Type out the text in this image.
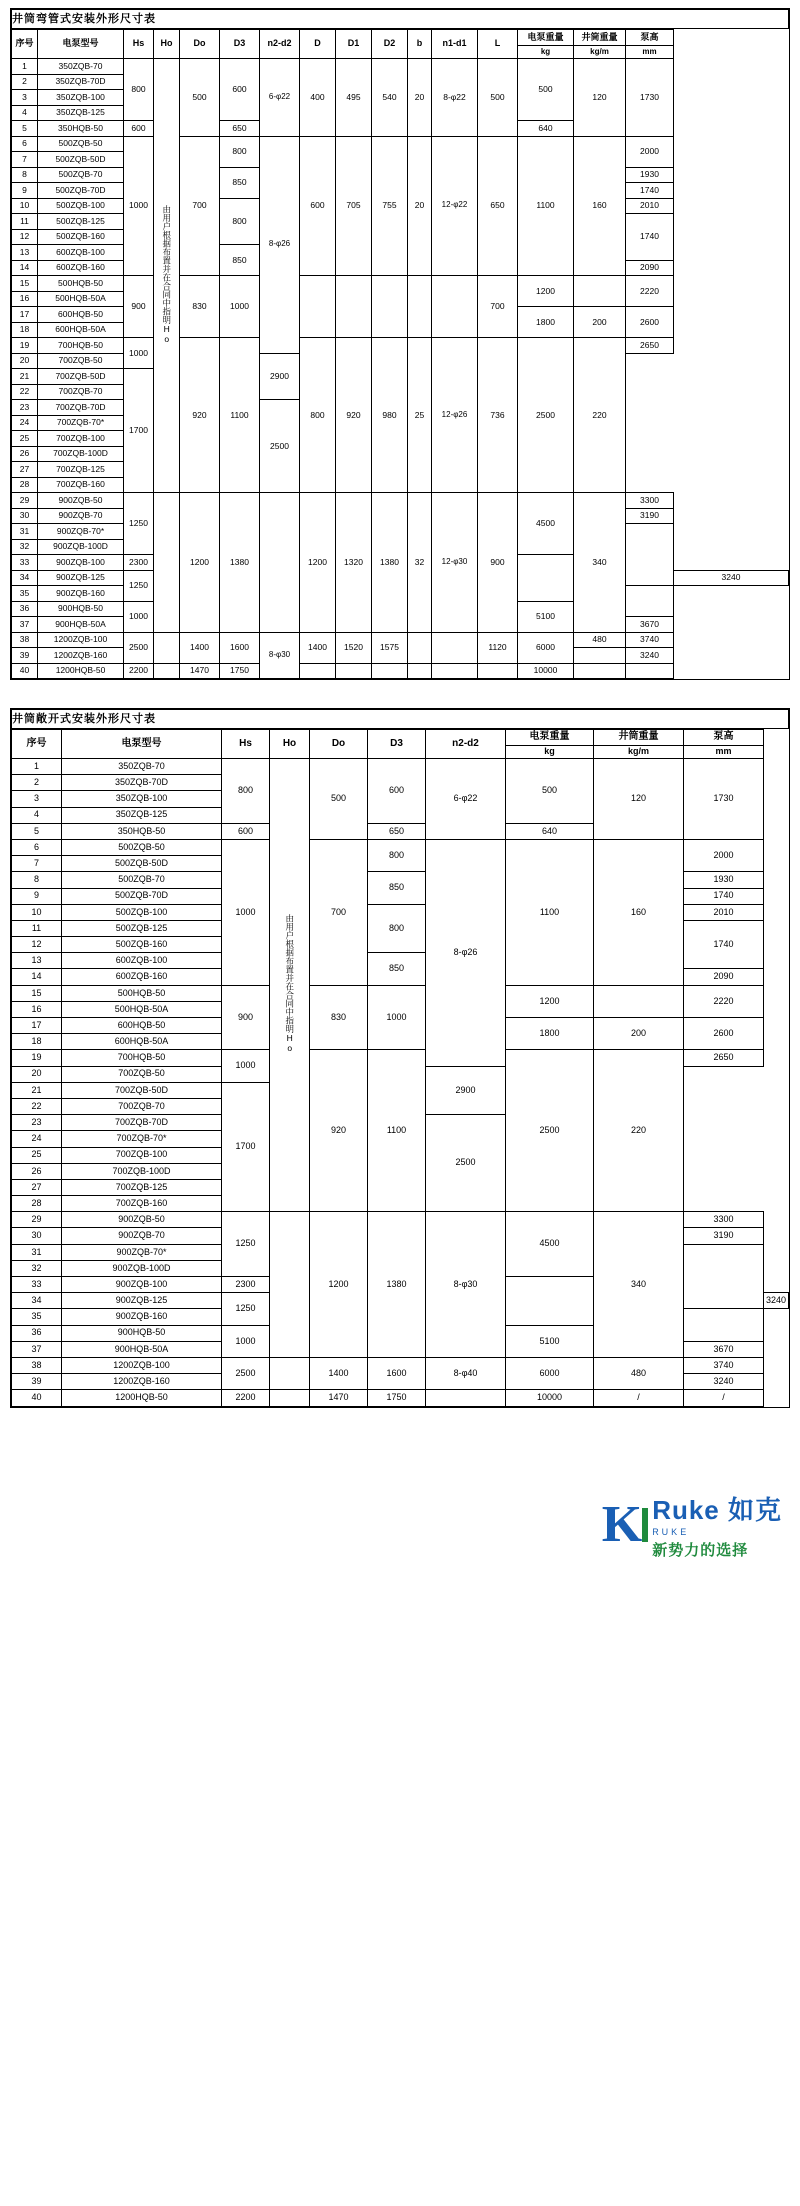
井筒弯管式安装外形尺寸表
序号	电泵型号	Hs	Ho	Do	D3	n2-d2	D	D1	D2	b	n1-d1	L	电泵重量	井筒重量	泵高	
													kg	kg/m	mm	
1	350ZQB-70	800	由用户根据布置并在合同中指明Ho	500	600	6-φ22	400	495	540	20	8-φ22	500	500	120	1730	
2	350ZQB-70D															
3	350ZQB-100															
4	350ZQB-125															
5	350HQB-50	600			650								640			
6	500ZQB-50	1000		700	800	8-φ26	600	705	755	20	12-φ22	650	1100	160	2000	
7	500ZQB-50D															
8	500ZQB-70				850										1930	
9	500ZQB-70D														1740	
10	500ZQB-100				800										2010	
11	500ZQB-125														1740	
12	500ZQB-160															
13	600ZQB-100				850											
14	600ZQB-160														2090	
15	500HQB-50	900		830	1000							700	1200		2220	
16	500HQB-50A															
17	600HQB-50												1800	200	2600	
18	600HQB-50A															
19	700HQB-50	1000		920	1100		800	920	980	25	12-φ26	736	2500	220	2650	
20	700ZQB-50					2900										
21	700ZQB-50D	1700														
22	700ZQB-70															
23	700ZQB-70D					2500										
24	700ZQB-70*															
25	700ZQB-100															
26	700ZQB-100D															
27	700ZQB-125															
28	700ZQB-160															
29	900ZQB-50	1250		1200	1380		1200	1320	1380	32	12-φ30	900	4500	340	3300	
30	900ZQB-70														3190	
31	900ZQB-70*															
32	900ZQB-100D															
33	900ZQB-100	2300														
34	900ZQB-125	1250														3240
35	900ZQB-160															
36	900HQB-50	1000											5100			
37	900HQB-50A														3670	
38	1200ZQB-100	2500		1400	1600	8-φ30	1400	1520	1575			1120	6000	480	3740	
39	1200ZQB-160														3240	
40	1200HQB-50	2200		1470	1750								10000			
井筒敞开式安装外形尺寸表
序号	电泵型号	Hs	Ho	Do	D3	n2-d2	电泵重量	井筒重量	泵高	
							kg	kg/m	mm	
1	350ZQB-70	800	由用户根据布置并在合同中指明Ho	500	600	6-φ22	500	120	1730	
2	350ZQB-70D									
3	350ZQB-100									
4	350ZQB-125									
5	350HQB-50	600			650		640			
6	500ZQB-50	1000		700	800	8-φ26	1100	160	2000	
7	500ZQB-50D									
8	500ZQB-70				850				1930	
9	500ZQB-70D								1740	
10	500ZQB-100				800				2010	
11	500ZQB-125								1740	
12	500ZQB-160									
13	600ZQB-100				850					
14	600ZQB-160								2090	
15	500HQB-50	900		830	1000		1200		2220	
16	500HQB-50A									
17	600HQB-50						1800	200	2600	
18	600HQB-50A									
19	700HQB-50	1000		920	1100		2500	220	2650	
20	700ZQB-50					2900				
21	700ZQB-50D	1700								
22	700ZQB-70									
23	700ZQB-70D					2500				
24	700ZQB-70*									
25	700ZQB-100									
26	700ZQB-100D									
27	700ZQB-125									
28	700ZQB-160									
29	900ZQB-50	1250		1200	1380	8-φ30	4500	340	3300	
30	900ZQB-70								3190	
31	900ZQB-70*									
32	900ZQB-100D									
33	900ZQB-100	2300								
34	900ZQB-125	1250								3240
35	900ZQB-160									
36	900HQB-50	1000					5100			
37	900HQB-50A								3670	
38	1200ZQB-100	2500		1400	1600	8-φ40	6000	480	3740	
39	1200ZQB-160								3240	
40	1200HQB-50	2200		1470	1750		10000	/	/	
K Ruke 如克
RUKE
新势力的选择
